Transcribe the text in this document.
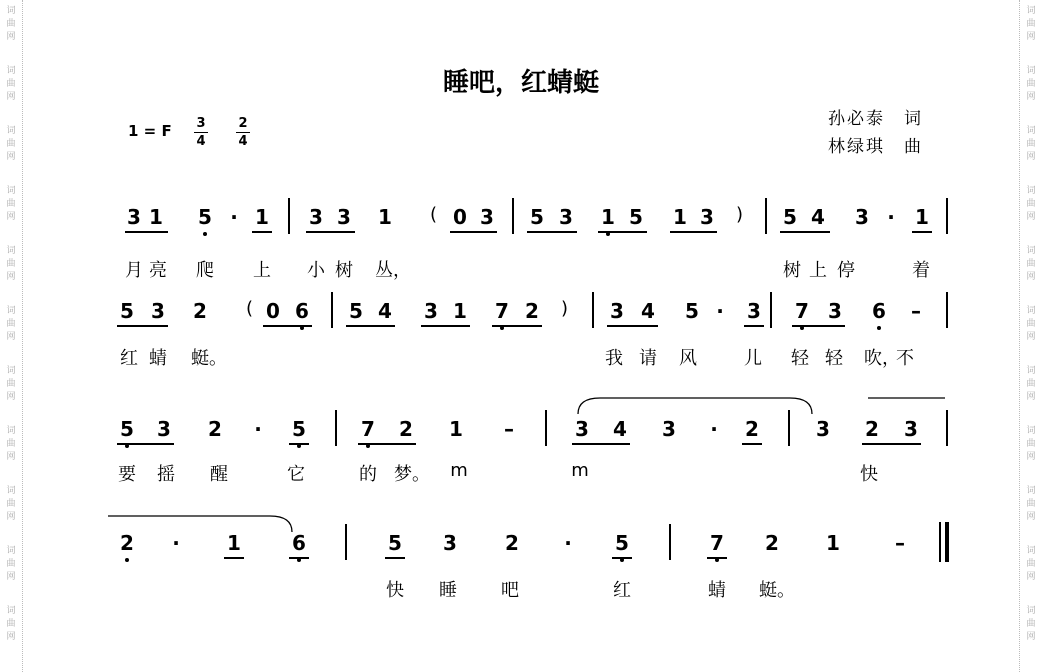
词
曲
网
词
曲
网
词
曲
网
词
曲
网
词
曲
网
词
曲
网
词
曲
网
词
曲
网
词
曲
网
词
曲
网
词
曲
网
词
曲
网
词
曲
网
词
曲
网
词
曲
网
词
曲
网
词
曲
网
词
曲
网
词
曲
网
词
曲
网
词
曲
网
词
曲
网
睡吧，红蜻蜓
孙必泰　词
林绿琪　曲
1 = F 3
4
2
4
3 1 5 · 1 3 3 1 ( 0 3 5 3 1 5 1 3 ) 5 4 3 ·	1
月 亮 爬 上 小 树 丛，	树 上 停	着
5 3 2 ( 0 6 5 4 3 1 7 2 ) 3 4 5 ·	3 7 3 6 –
红 蜻 蜓。	我 请 风	儿 轻 轻 吹，
不
5 3 2	·	5	7 2 1 –	3 4 3	·	2	3 2 3
要 摇 醒	它	的 梦。 m	m	快
2	·	1	6	5 3 2	·	5	7 2 1	–
快 睡 吧	红	蜻 蜓。
